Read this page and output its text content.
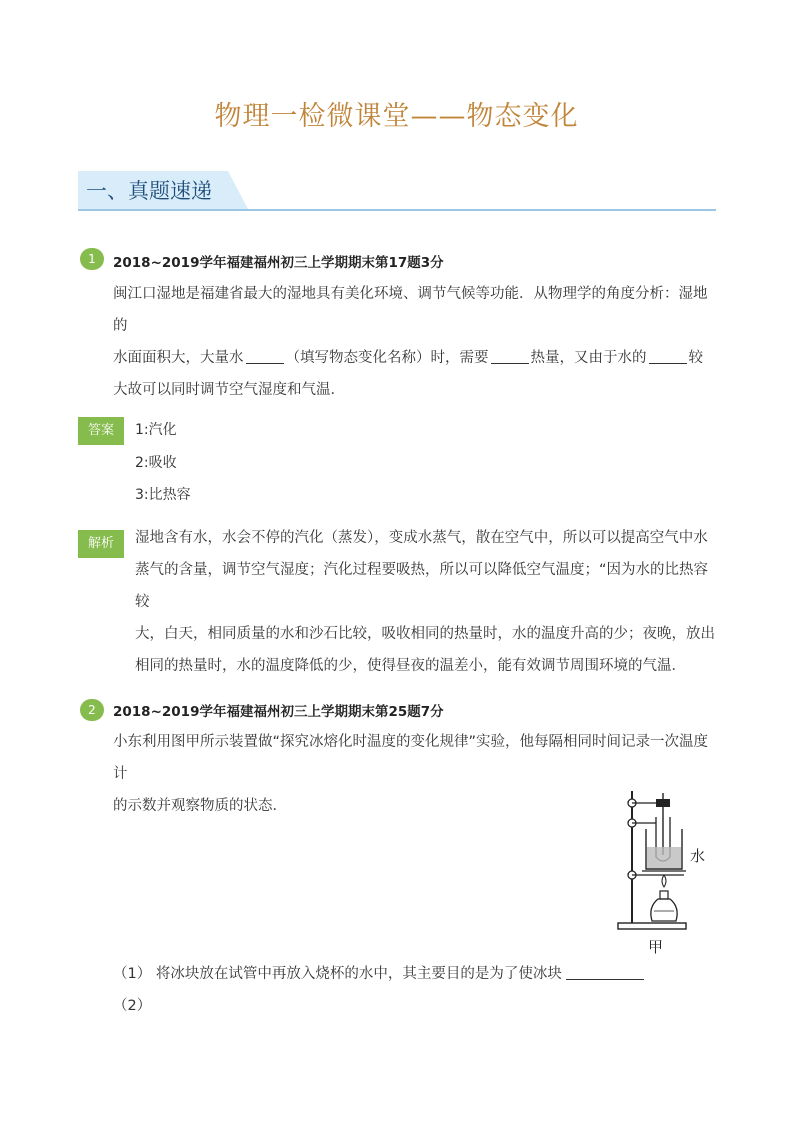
物理一检微课堂——物态变化
一、真题速递
1	2018~2019学年福建福州初三上学期期末第17题3分
闽江口湿地是福建省最大的湿地具有美化环境、调节气候等功能．从物理学的角度分析：湿地的
水面面积大，大量水	（填写物态变化名称）时，需要	热量，又由于水的	较
大故可以同时调节空气湿度和气温．
答案	1:汽化
2:吸收
3:比热容
解析	湿地含有水，水会不停的汽化（蒸发），变成水蒸气，散在空气中，所以可以提高空气中水
蒸气的含量，调节空气湿度；汽化过程要吸热，所以可以降低空气温度；“因为水的比热容较
大，白天，相同质量的水和沙石比较，吸收相同的热量时，水的温度升高的少；夜晚，放出
相同的热量时，水的温度降低的少，使得昼夜的温差小，能有效调节周围环境的气温．
2	2018~2019学年福建福州初三上学期期末第25题7分
小东利用图甲所示装置做“探究冰熔化时温度的变化规律”实验，他每隔相同时间记录一次温度计
的示数并观察物质的状态．
水
甲
（1） 将冰块放在试管中再放入烧杯的水中，其主要目的是为了使冰块
（2）
